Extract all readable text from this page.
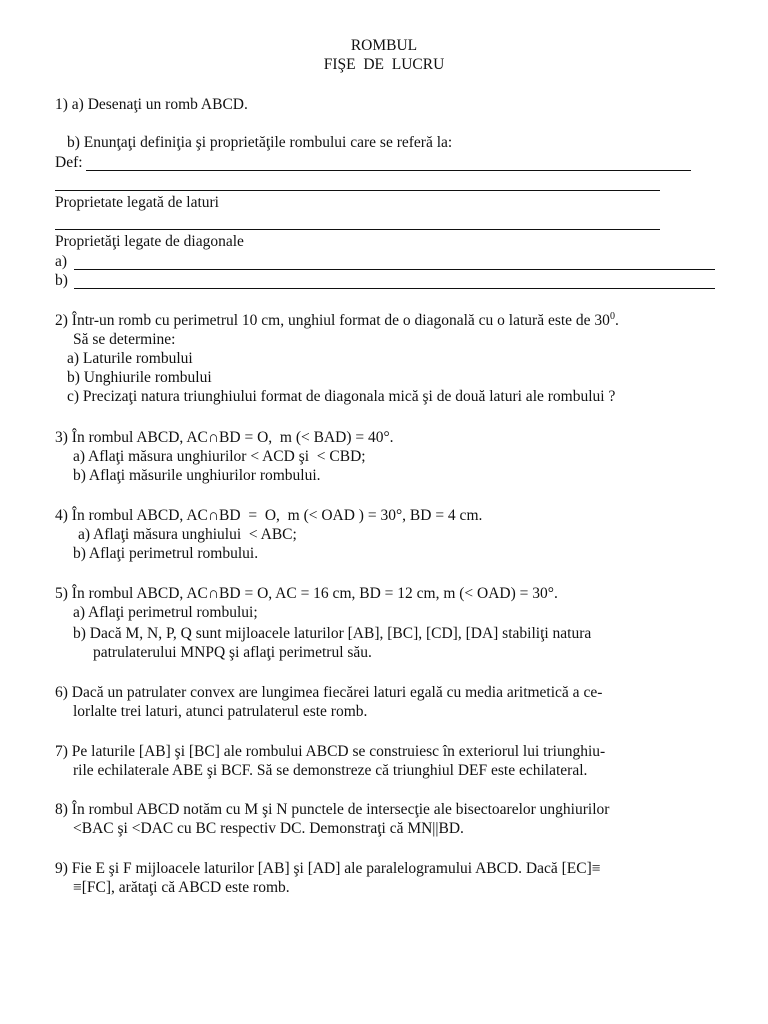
ROMBUL
FIŞE  DE  LUCRU
1) a) Desenaţi un romb ABCD.
b) Enunţaţi definiţia şi proprietăţile rombului care se referă la:
Def:
Proprietate legată de laturi
Proprietăţi legate de diagonale
a)
b)
2) Într-un romb cu perimetrul 10 cm, unghiul format de o diagonală cu o latură este de $30^0$.
Să se determine:
a) Laturile rombului
b) Unghiurile rombului
c) Precizaţi natura triunghiului format de diagonala mică şi de două laturi ale rombului ?
3) În rombul ABCD, AC∩BD = O,  m (< BAD) = 40°.
a) Aflaţi măsura unghiurilor < ACD şi  < CBD;
b) Aflaţi măsurile unghiurilor rombului.
4) În rombul ABCD, AC∩BD  =  O,  m (< OAD ) = 30°, BD = 4 cm.
a) Aflaţi măsura unghiului  < ABC;
b) Aflaţi perimetrul rombului.
5) În rombul ABCD, AC∩BD = O, AC = 16 cm, BD = 12 cm, m (< OAD) = 30°.
a) Aflaţi perimetrul rombului;
b) Dacă M, N, P, Q sunt mijloacele laturilor [AB], [BC], [CD], [DA] stabiliţi natura
patrulaterului MNPQ şi aflaţi perimetrul său.
6) Dacă un patrulater convex are lungimea fiecărei laturi egală cu media aritmetică a ce-
lorlalte trei laturi, atunci patrulaterul este romb.
7) Pe laturile [AB] şi [BC] ale rombului ABCD se construiesc în exteriorul lui triunghiu-
rile echilaterale ABE şi BCF. Să se demonstreze că triunghiul DEF este echilateral.
8) În rombul ABCD notăm cu M şi N punctele de intersecţie ale bisectoarelor unghiurilor
<BAC şi <DAC cu BC respectiv DC. Demonstraţi că MN||BD.
9) Fie E şi F mijloacele laturilor [AB] şi [AD] ale paralelogramului ABCD. Dacă [EC]≡
≡[FC], arătaţi că ABCD este romb.
